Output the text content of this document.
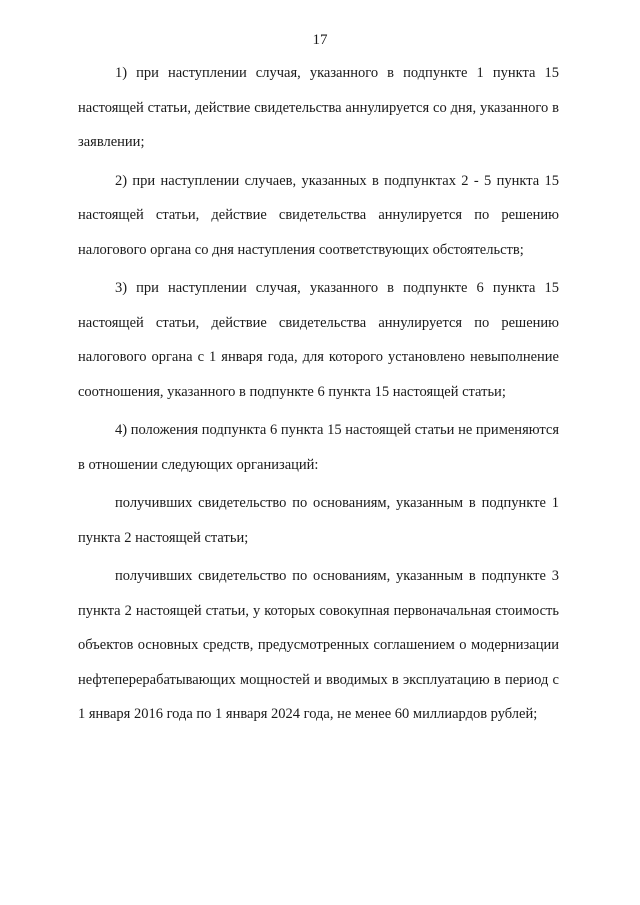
17

1) при наступлении случая, указанного в подпункте 1 пункта 15 настоящей статьи, действие свидетельства аннулируется со дня, указанного в заявлении;

2) при наступлении случаев, указанных в подпунктах 2 - 5 пункта 15 настоящей статьи, действие свидетельства аннулируется по решению налогового органа со дня наступления соответствующих обстоятельств;

3) при наступлении случая, указанного в подпункте 6 пункта 15 настоящей статьи, действие свидетельства аннулируется по решению налогового органа с 1 января года, для которого установлено невыполнение соотношения, указанного в подпункте 6 пункта 15 настоящей статьи;

4) положения подпункта 6 пункта 15 настоящей статьи не применяются в отношении следующих организаций:

получивших свидетельство по основаниям, указанным в подпункте 1 пункта 2 настоящей статьи;

получивших свидетельство по основаниям, указанным в подпункте 3 пункта 2 настоящей статьи, у которых совокупная первоначальная стоимость объектов основных средств, предусмотренных соглашением о модернизации нефтеперерабатывающих мощностей и вводимых в эксплуатацию в период с 1 января 2016 года по 1 января 2024 года, не менее 60 миллиардов рублей;
